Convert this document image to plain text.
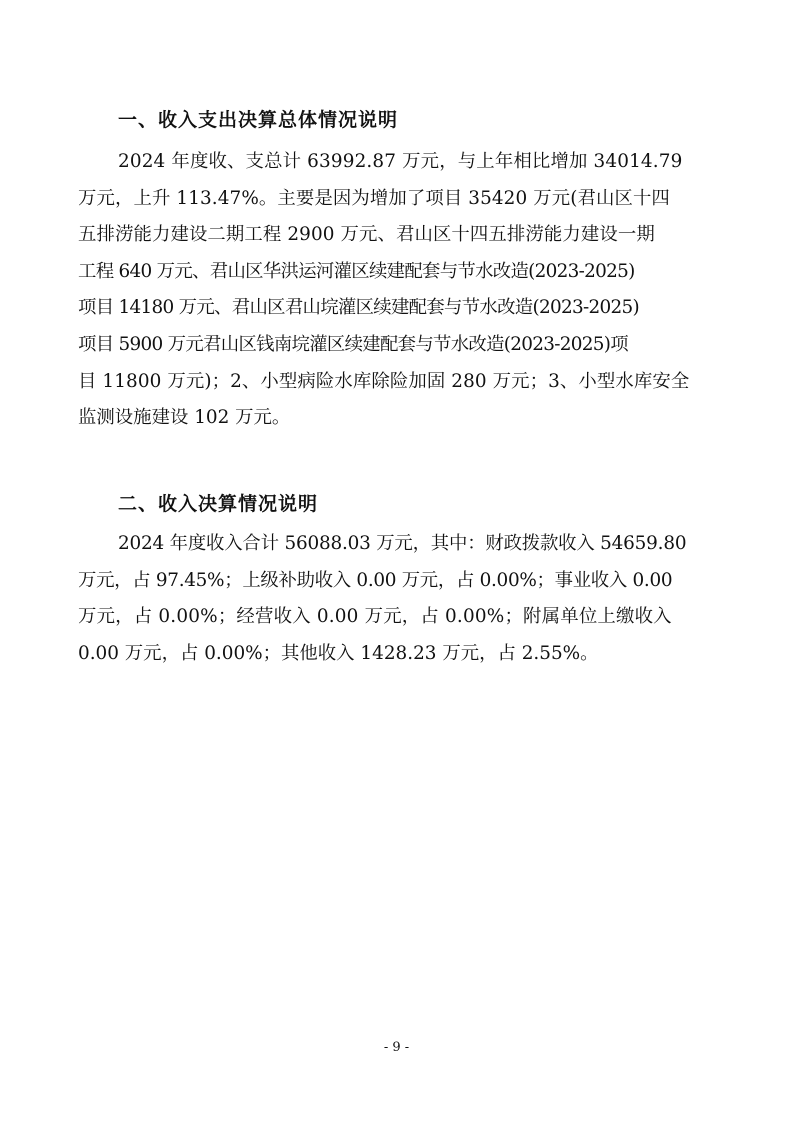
一、收入支出决算总体情况说明

2024 年度收、支总计 63992.87 万元，与上年相比增加 34014.79

万元，上升 113.47%。主要是因为增加了项目 35420 万元(君山区十四

五排涝能力建设二期工程 2900 万元、君山区十四五排涝能力建设一期

工程 640 万元、君山区华洪运河灌区续建配套与节水改造(2023-2025)

项目 14180 万元、君山区君山垸灌区续建配套与节水改造(2023-2025)

项目 5900 万元君山区钱南垸灌区续建配套与节水改造(2023-2025)项

目 11800 万元)；2、小型病险水库除险加固 280 万元；3、小型水库安全

监测设施建设 102 万元。

二、收入决算情况说明

2024 年度收入合计 56088.03 万元，其中：财政拨款收入 54659.80

万元，占 97.45%；上级补助收入 0.00 万元，占 0.00%；事业收入 0.00

万元，占 0.00%；经营收入 0.00 万元，占 0.00%；附属单位上缴收入

0.00 万元，占 0.00%；其他收入 1428.23 万元，占 2.55%。

- 9 -
